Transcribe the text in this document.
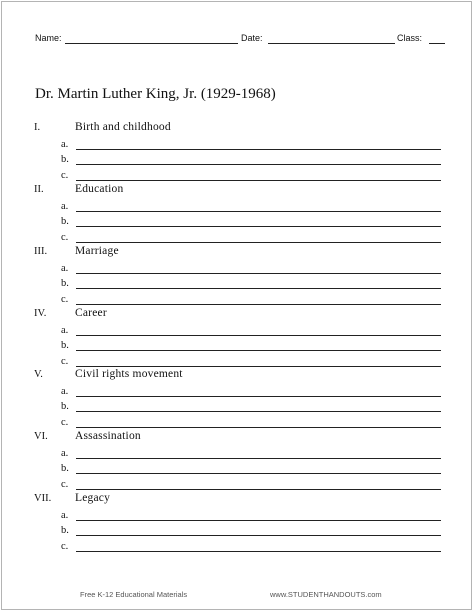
Name:	Date:	Class:
Dr. Martin Luther King, Jr. (1929-1968)
I.	Birth and childhood
a.
b.
c.
II.	Education
a.
b.
c.
III. Marriage
a.
b.
c.
IV. Career
a.
b.
c.
V.	Civil rights movement
a.
b.
c.
VI. Assassination
a.
b.
c.
VII. Legacy
a.
b.
c.
Free K-12 Educational Materials	www.STUDENTHANDOUTS.com
